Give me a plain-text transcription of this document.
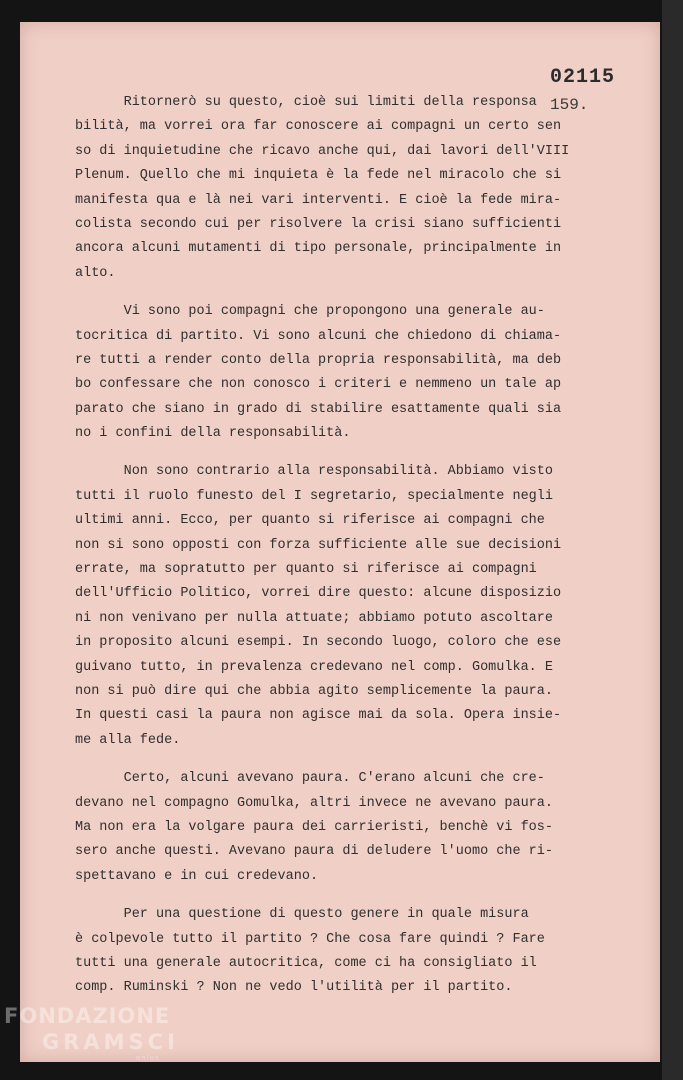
02115
159.
Ritornerò su questo, cioè sui limiti della responsa
bilità, ma vorrei ora far conoscere ai compagni un certo sen
so di inquietudine che ricavo anche qui, dai lavori dell'VIII
Plenum. Quello che mi inquieta è la fede nel miracolo che si
manifesta qua e là nei vari interventi. E cioè la fede mira-
colista secondo cui per risolvere la crisi siano sufficienti
ancora alcuni mutamenti di tipo personale, principalmente in
alto.
Vi sono poi compagni che propongono una generale au-
tocritica di partito. Vi sono alcuni che chiedono di chiama-
re tutti a render conto della propria responsabilità, ma deb
bo confessare che non conosco i criteri e nemmeno un tale ap
parato che siano in grado di stabilire esattamente quali sia
no i confini della responsabilità.
Non sono contrario alla responsabilità. Abbiamo visto
tutti il ruolo funesto del I segretario, specialmente negli
ultimi anni. Ecco, per quanto si riferisce ai compagni che
non si sono opposti con forza sufficiente alle sue decisioni
errate, ma sopratutto per quanto si riferisce ai compagni
dell'Ufficio Politico, vorrei dire questo: alcune disposizio
ni non venivano per nulla attuate; abbiamo potuto ascoltare
in proposito alcuni esempi. In secondo luogo, coloro che ese
guivano tutto, in prevalenza credevano nel comp. Gomulka. E
non si può dire qui che abbia agito semplicemente la paura.
In questi casi la paura non agisce mai da sola. Opera insie-
me alla fede.
Certo, alcuni avevano paura. C'erano alcuni che cre-
devano nel compagno Gomulka, altri invece ne avevano paura.
Ma non era la volgare paura dei carrieristi, benchè vi fos-
sero anche questi. Avevano paura di deludere l'uomo che ri-
spettavano e in cui credevano.
Per una questione di questo genere in quale misura
è colpevole tutto il partito ? Che cosa fare quindi ? Fare
tutti una generale autocritica, come ci ha consigliato il
comp. Ruminski ? Non ne vedo l'utilità per il partito.
FONDAZIONE
GRAMSCI
onlus
